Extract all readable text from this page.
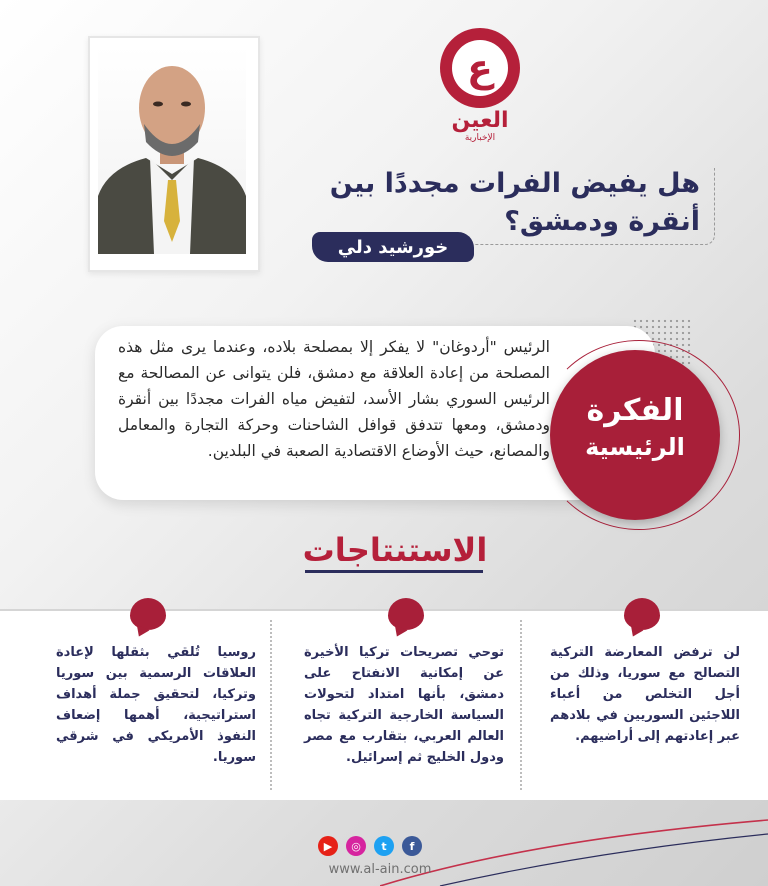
ع
العين
الإخبارية
هل يفيض الفرات مجددًا بين أنقرة ودمشق؟
خورشيد دلي
الرئيس "أردوغان" لا يفكر إلا بمصلحة بلاده، وعندما يرى مثل هذه المصلحة من إعادة العلاقة مع دمشق، فلن يتوانى عن المصالحة مع الرئيس السوري بشار الأسد، لتفيض مياه الفرات مجددًا بين أنقرة ودمشق، ومعها تتدفق قوافل الشاحنات وحركة التجارة والمعامل والمصانع، حيث الأوضاع الاقتصادية الصعبة في البلدين.
الفكرة
الرئيسية
الاستنتاجات
لن ترفض المعارضة التركية التصالح مع سوريا، وذلك من أجل التخلص من أعباء اللاجئين السوريين في بلادهم عبر إعادتهم إلى أراضيهم.
توحي تصريحات تركيا الأخيرة عن إمكانية الانفتاح على دمشق، بأنها امتداد لتحولات السياسة الخارجية التركية تجاه العالم العربي، بتقارب مع مصر ودول الخليج ثم إسرائيل.
روسيا تُلقي بثقلها لإعادة العلاقات الرسمية بين سوريا وتركيا، لتحقيق جملة أهداف استراتيجية، أهمها إضعاف النفوذ الأمريكي في شرقي سوريا.
f
t
◎
▶
www.al-ain.com
